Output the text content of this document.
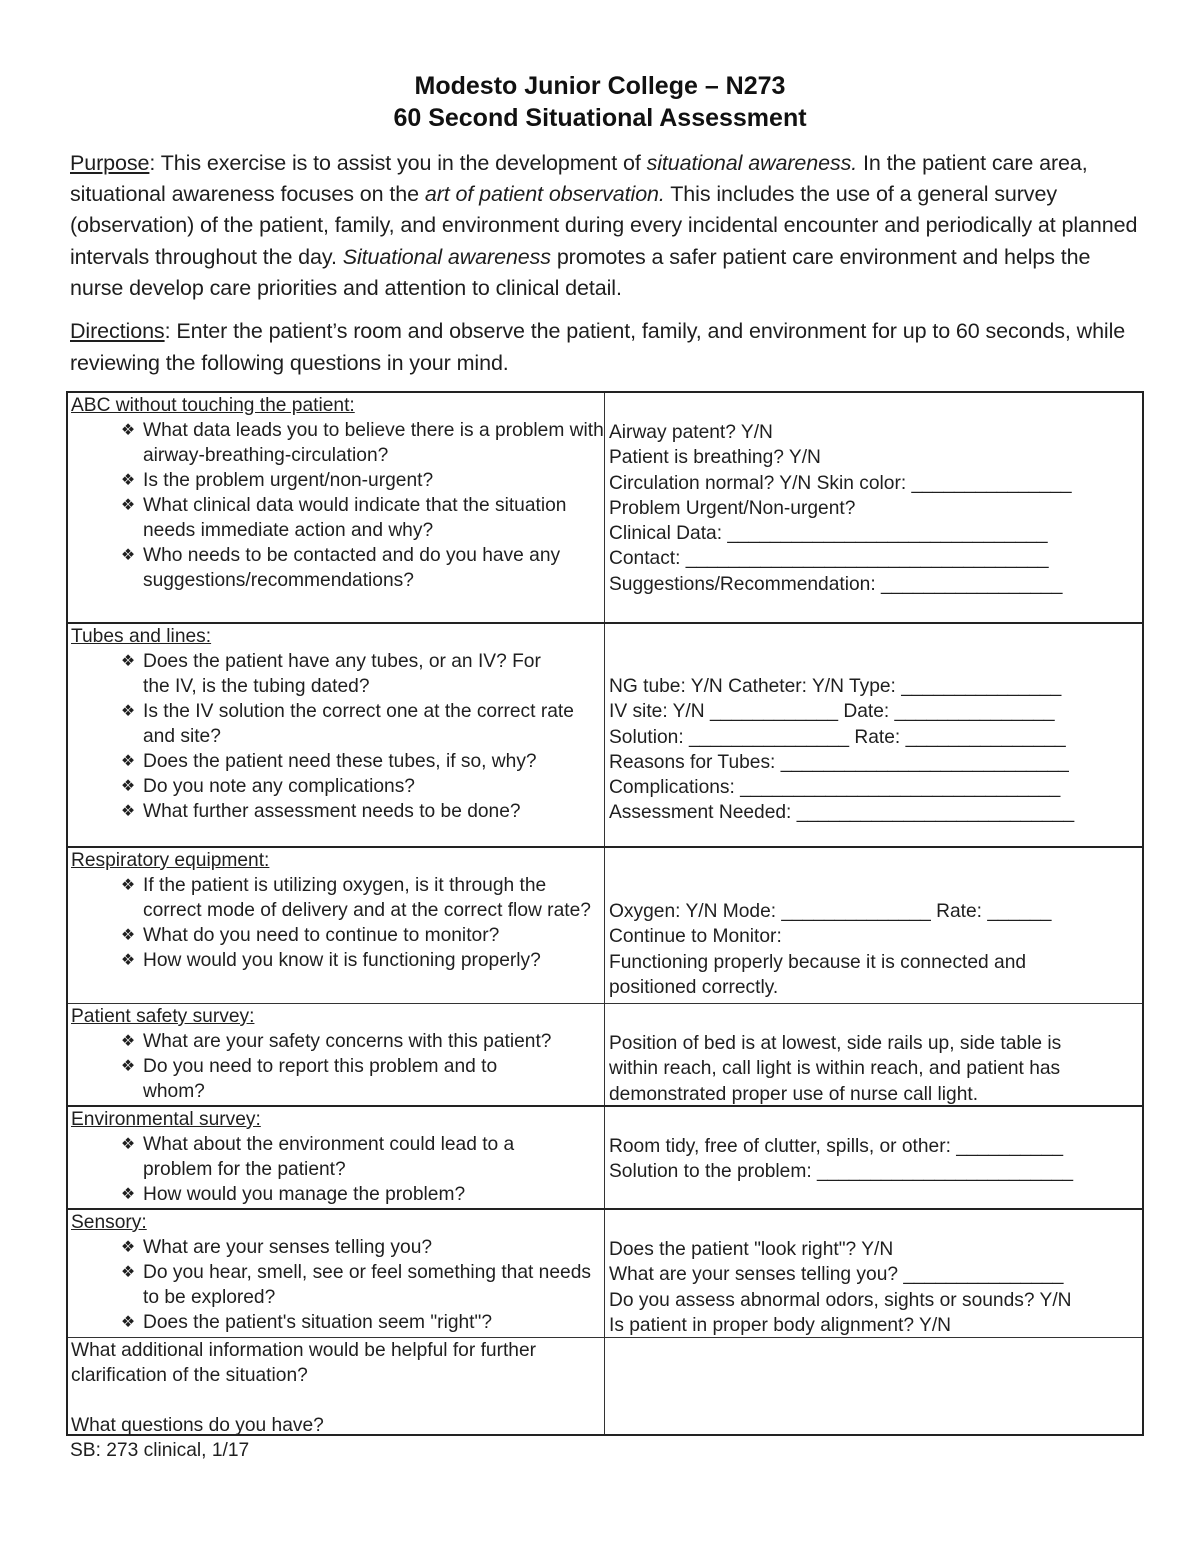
Modesto Junior College – N273
60 Second Situational Assessment
Purpose: This exercise is to assist you in the development of situational awareness. In the patient care area, situational awareness focuses on the art of patient observation. This includes the use of a general survey (observation) of the patient, family, and environment during every incidental encounter and periodically at planned intervals throughout the day. Situational awareness promotes a safer patient care environment and helps the nurse develop care priorities and attention to clinical detail.
Directions: Enter the patient’s room and observe the patient, family, and environment for up to 60 seconds, while reviewing the following questions in your mind.
ABC without touching the patient:
❖ What data leads you to believe there is a problem with airway-breathing-circulation?
❖ Is the problem urgent/non-urgent?
❖ What clinical data would indicate that the situation needs immediate action and why?
❖ Who needs to be contacted and do you have any suggestions/recommendations?
Airway patent? Y/N
Patient is breathing? Y/N
Circulation normal? Y/N Skin color: _______________
Problem Urgent/Non-urgent?
Clinical Data: ______________________________
Contact: __________________________________
Suggestions/Recommendation: _________________
Tubes and lines:
❖ Does the patient have any tubes, or an IV? For the IV, is the tubing dated?
❖ Is the IV solution the correct one at the correct rate and site?
❖ Does the patient need these tubes, if so, why?
❖ Do you note any complications?
❖ What further assessment needs to be done?
NG tube: Y/N Catheter: Y/N Type: _______________
IV site: Y/N ____________ Date: _______________
Solution: _______________ Rate: _______________
Reasons for Tubes: ___________________________
Complications: ______________________________
Assessment Needed: __________________________
Respiratory equipment:
❖ If the patient is utilizing oxygen, is it through the correct mode of delivery and at the correct flow rate?
❖ What do you need to continue to monitor?
❖ How would you know it is functioning properly?
Oxygen: Y/N Mode: ______________ Rate: ______
Continue to Monitor:
Functioning properly because it is connected and
positioned correctly.
Patient safety survey:
❖ What are your safety concerns with this patient?
❖ Do you need to report this problem and to whom?
Position of bed is at lowest, side rails up, side table is
within reach, call light is within reach, and patient has
demonstrated proper use of nurse call light.
Environmental survey:
❖ What about the environment could lead to a problem for the patient?
❖ How would you manage the problem?
Room tidy, free of clutter, spills, or other: __________
Solution to the problem: ________________________
Sensory:
❖ What are your senses telling you?
❖ Do you hear, smell, see or feel something that needs to be explored?
❖ Does the patient's situation seem "right"?
Does the patient "look right"? Y/N
What are your senses telling you? _______________
Do you assess abnormal odors, sights or sounds? Y/N
Is patient in proper body alignment? Y/N
What additional information would be helpful for further clarification of the situation?
What questions do you have?
SB: 273 clinical, 1/17
